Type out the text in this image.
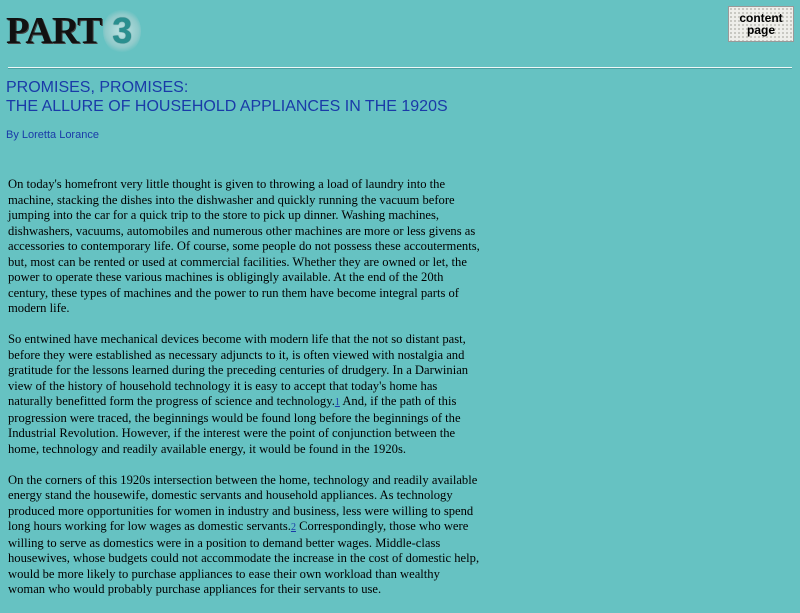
PART 3	content
page
PROMISES, PROMISES:
THE ALLURE OF HOUSEHOLD APPLIANCES IN THE 1920S

By Loretta Lorance

On today's homefront very little thought is given to throwing a load of laundry into the machine, stacking the dishes into the dishwasher and quickly running the vacuum before jumping into the car for a quick trip to the store to pick up dinner. Washing machines, dishwashers, vacuums, automobiles and numerous other machines are more or less givens as accessories to contemporary life. Of course, some people do not possess these accouterments, but, most can be rented or used at commercial facilities. Whether they are owned or let, the power to operate these various machines is obligingly available. At the end of the 20th century, these types of machines and the power to run them have become integral parts of modern life.

So entwined have mechanical devices become with modern life that the not so distant past, before they were established as necessary adjuncts to it, is often viewed with nostalgia and gratitude for the lessons learned during the preceding centuries of drudgery. In a Darwinian view of the history of household technology it is easy to accept that today's home has naturally benefitted form the progress of science and technology.1 And, if the path of this progression were traced, the beginnings would be found long before the beginnings of the Industrial Revolution. However, if the interest were the point of conjunction between the home, technology and readily available energy, it would be found in the 1920s.

On the corners of this 1920s intersection between the home, technology and readily available energy stand the housewife, domestic servants and household appliances. As technology produced more opportunities for women in industry and business, less were willing to spend long hours working for low wages as domestic servants.2 Correspondingly, those who were willing to serve as domestics were in a position to demand better wages. Middle-class housewives, whose budgets could not accommodate the increase in the cost of domestic help, would be more likely to purchase appliances to ease their own workload than wealthy woman who would probably purchase appliances for their servants to use.
